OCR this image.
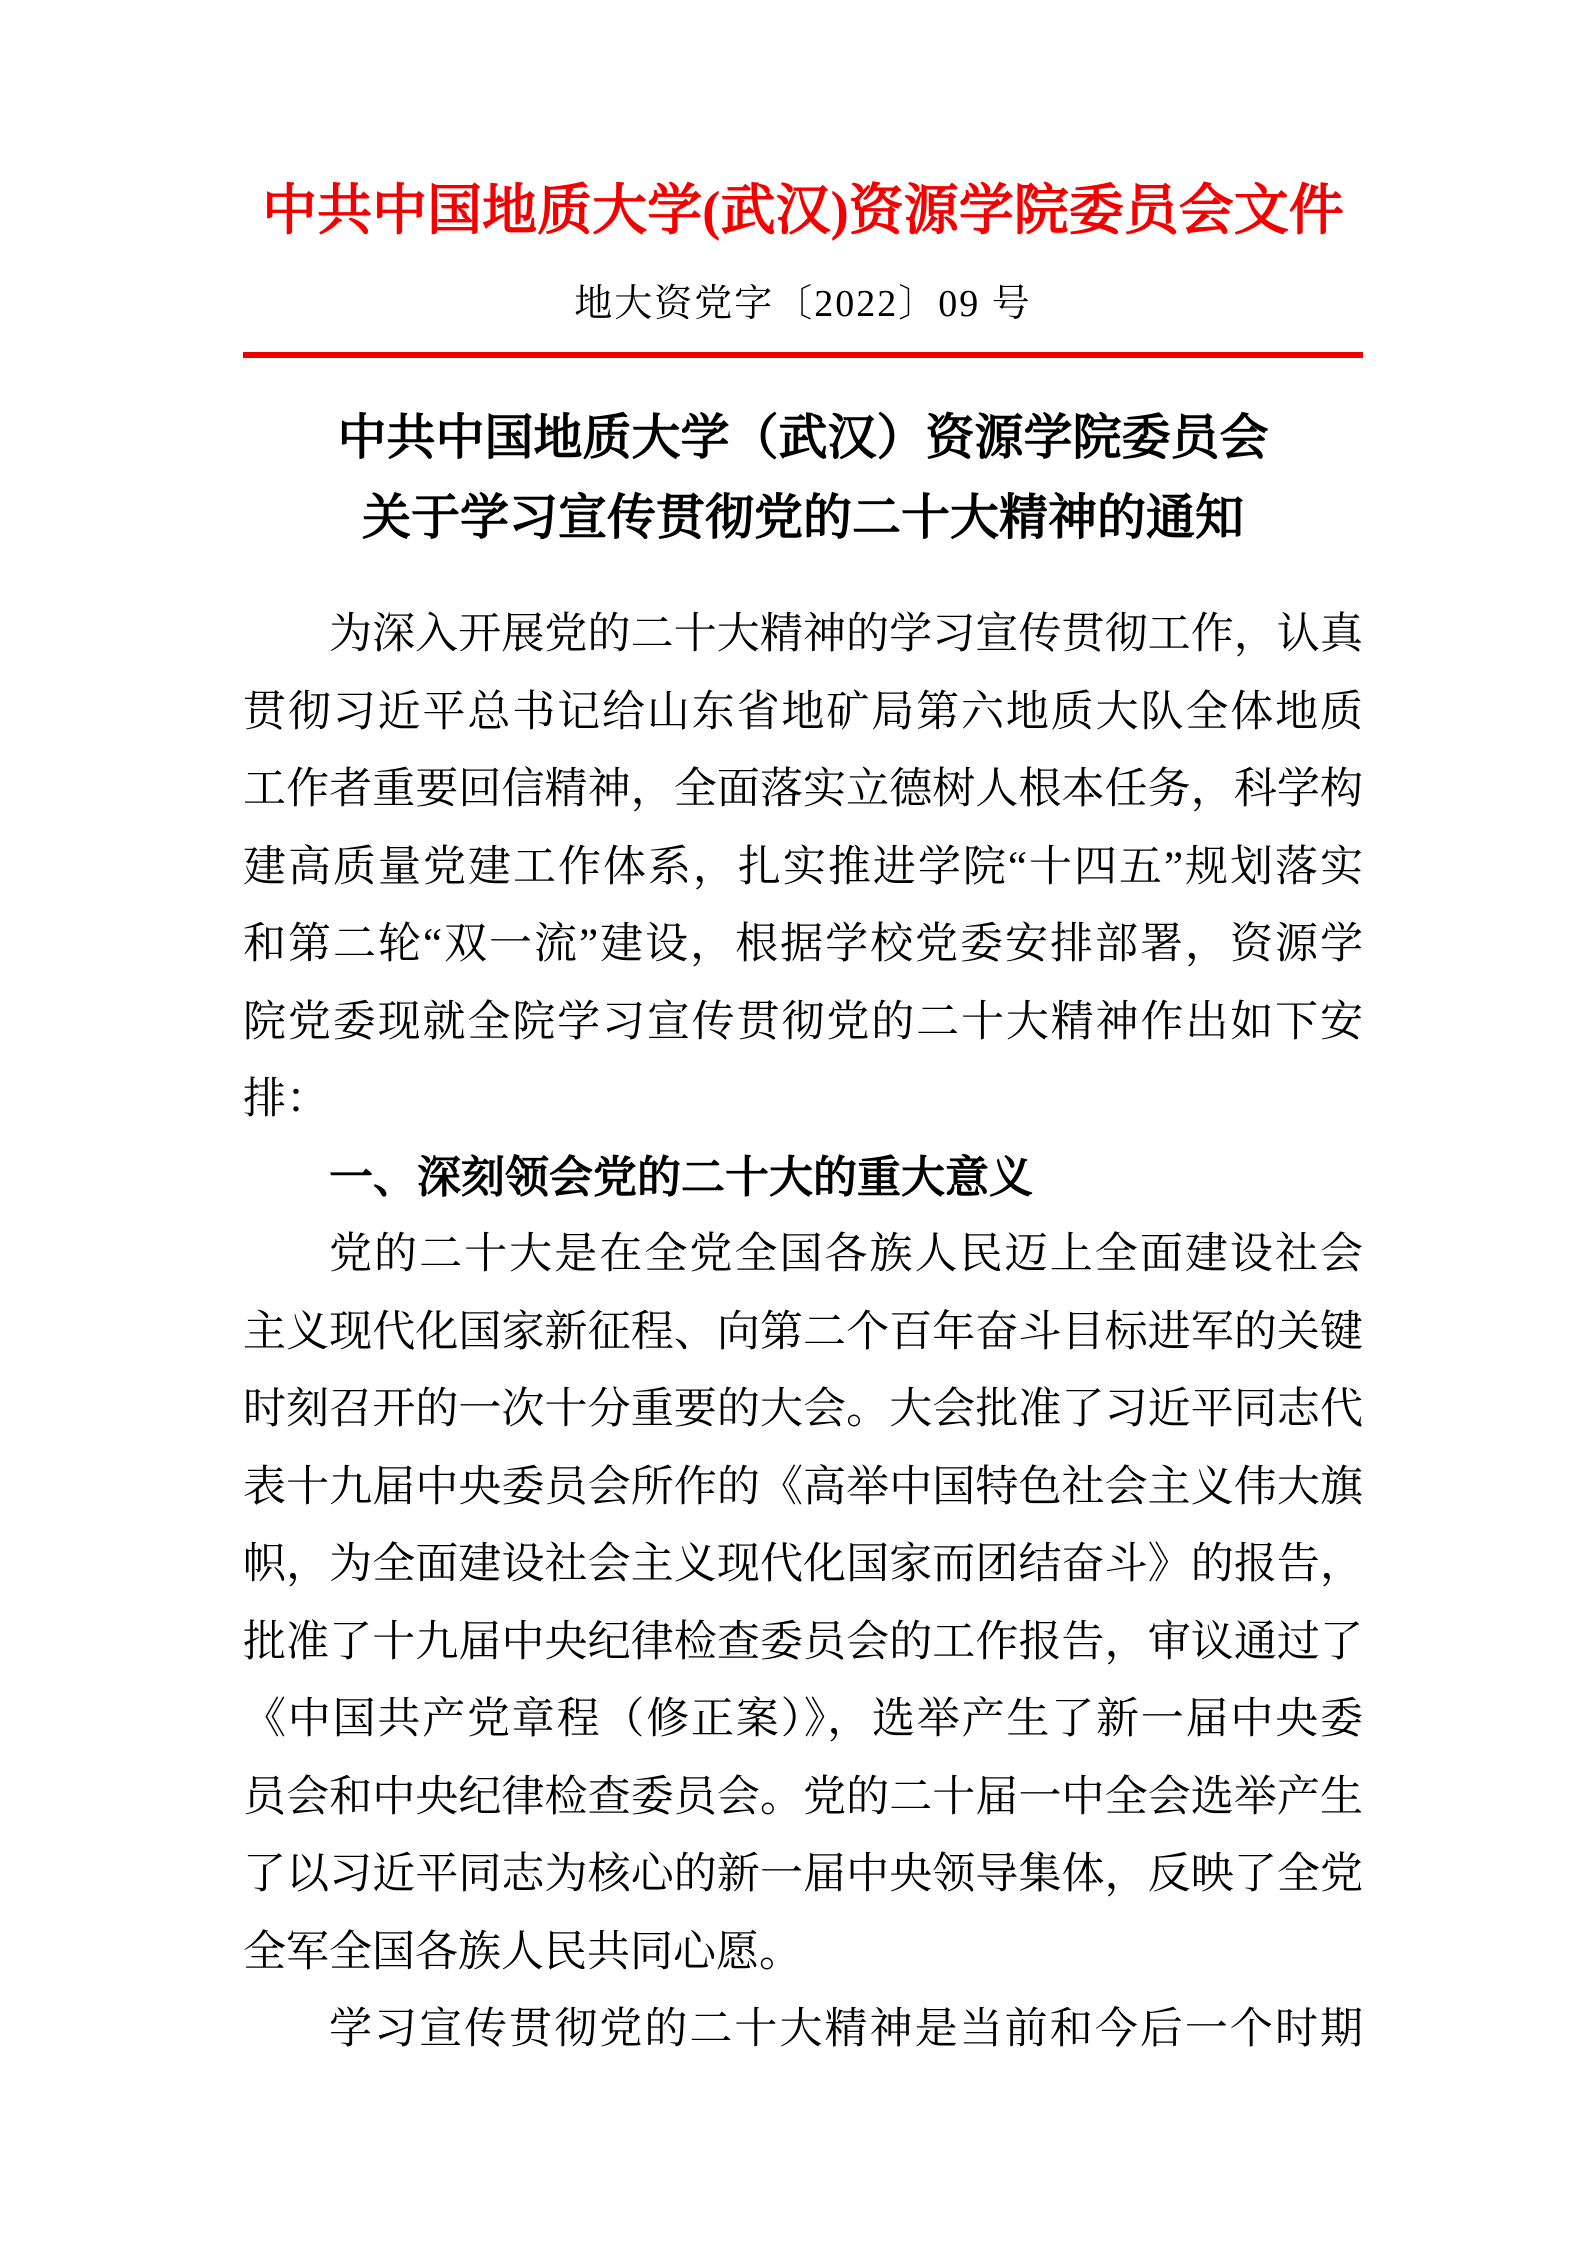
中共中国地质大学(武汉)资源学院委员会文件
地大资党字〔2022〕09 号
中共中国地质大学（武汉）资源学院委员会
关于学习宣传贯彻党的二十大精神的通知
为深入开展党的二十大精神的学习宣传贯彻工作，认真
贯彻习近平总书记给山东省地矿局第六地质大队全体地质
工作者重要回信精神，全面落实立德树人根本任务，科学构
建高质量党建工作体系，扎实推进学院“十四五”规划落实
和第二轮“双一流”建设，根据学校党委安排部署，资源学
院党委现就全院学习宣传贯彻党的二十大精神作出如下安
排：
一、深刻领会党的二十大的重大意义
党的二十大是在全党全国各族人民迈上全面建设社会
主义现代化国家新征程、向第二个百年奋斗目标进军的关键
时刻召开的一次十分重要的大会。大会批准了习近平同志代
表十九届中央委员会所作的《高举中国特色社会主义伟大旗
帜，为全面建设社会主义现代化国家而团结奋斗》的报告，
批准了十九届中央纪律检查委员会的工作报告，审议通过了
《中国共产党章程（修正案）》，选举产生了新一届中央委
员会和中央纪律检查委员会。党的二十届一中全会选举产生
了以习近平同志为核心的新一届中央领导集体，反映了全党
全军全国各族人民共同心愿。
学习宣传贯彻党的二十大精神是当前和今后一个时期
